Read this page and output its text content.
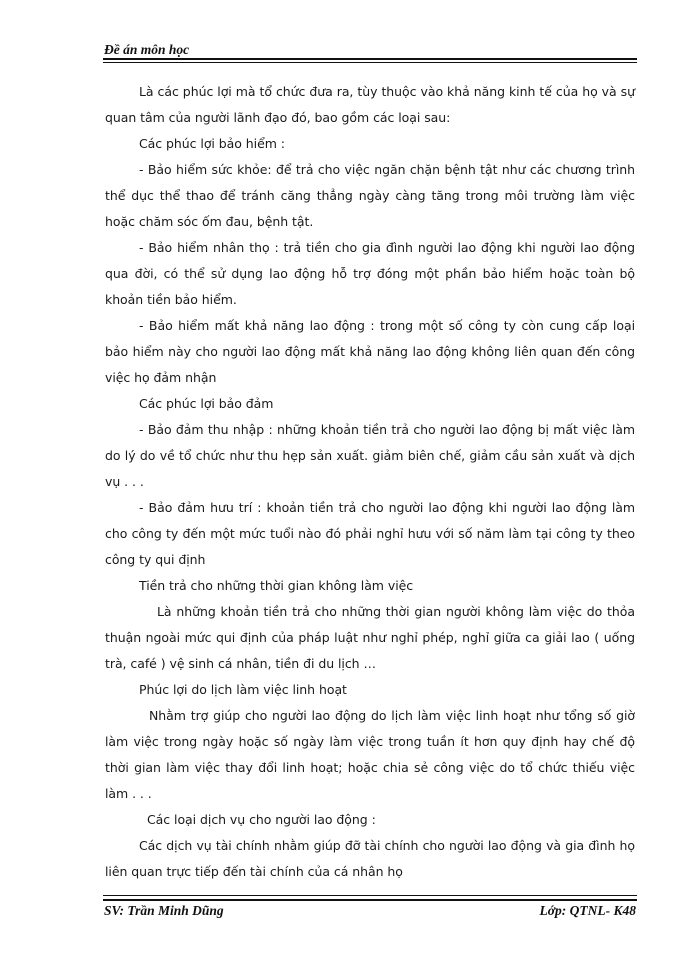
Đề án môn học

Là các phúc lợi mà tổ chức đưa ra, tùy thuộc vào khả năng kinh tế của họ và sự quan tâm của người lãnh đạo đó, bao gồm các loại sau:

Các phúc lợi bảo hiểm :

- Bảo hiểm sức khỏe: để trả cho việc ngăn chặn bệnh tật như các chương trình thể dục thể thao để tránh căng thẳng ngày càng tăng trong môi trường làm việc hoặc chăm sóc ốm đau, bệnh tật.

- Bảo hiểm nhân thọ : trả tiền cho gia đình người lao động khi người lao động qua đời, có thể sử dụng lao động hỗ trợ đóng một phần bảo hiểm hoặc toàn bộ khoản tiền bảo hiểm.

- Bảo hiểm mất khả năng lao động : trong một số công ty còn cung cấp loại bảo hiểm này cho người lao động mất khả năng lao động không liên quan đến công việc họ đảm nhận

Các phúc lợi bảo đảm

- Bảo đảm thu nhập : những khoản tiền trả cho người lao động bị mất việc làm do lý do về tổ chức như thu hẹp sản xuất. giảm biên chế, giảm cầu sản xuất và dịch vụ . . .

- Bảo đảm hưu trí : khoản tiền trả cho người lao động khi người lao động làm cho công ty đến một mức tuổi nào đó phải nghỉ hưu với số năm làm tại công ty theo công ty qui định

Tiền trả cho những thời gian không làm việc

Là những khoản tiền trả cho những thời gian người không làm việc do thỏa thuận ngoài mức qui định của pháp luật như nghỉ phép, nghỉ giữa ca giải lao ( uống trà, café ) vệ sinh cá nhân, tiền đi du lịch …

Phúc lợi do lịch làm việc linh hoạt

Nhằm trợ giúp cho người lao động do lịch làm việc linh hoạt như tổng số giờ làm việc trong ngày hoặc số ngày làm việc trong tuần ít hơn quy định hay chế độ thời gian làm việc thay đổi linh hoạt; hoặc chia sẻ công việc do tổ chức thiếu việc làm . . .

Các loại dịch vụ cho người lao động :

Các dịch vụ tài chính nhằm giúp đỡ tài chính cho người lao động và gia đình họ liên quan trực tiếp đến tài chính của cá nhân họ

SV: Trần Minh Dũng	Lớp: QTNL- K48
